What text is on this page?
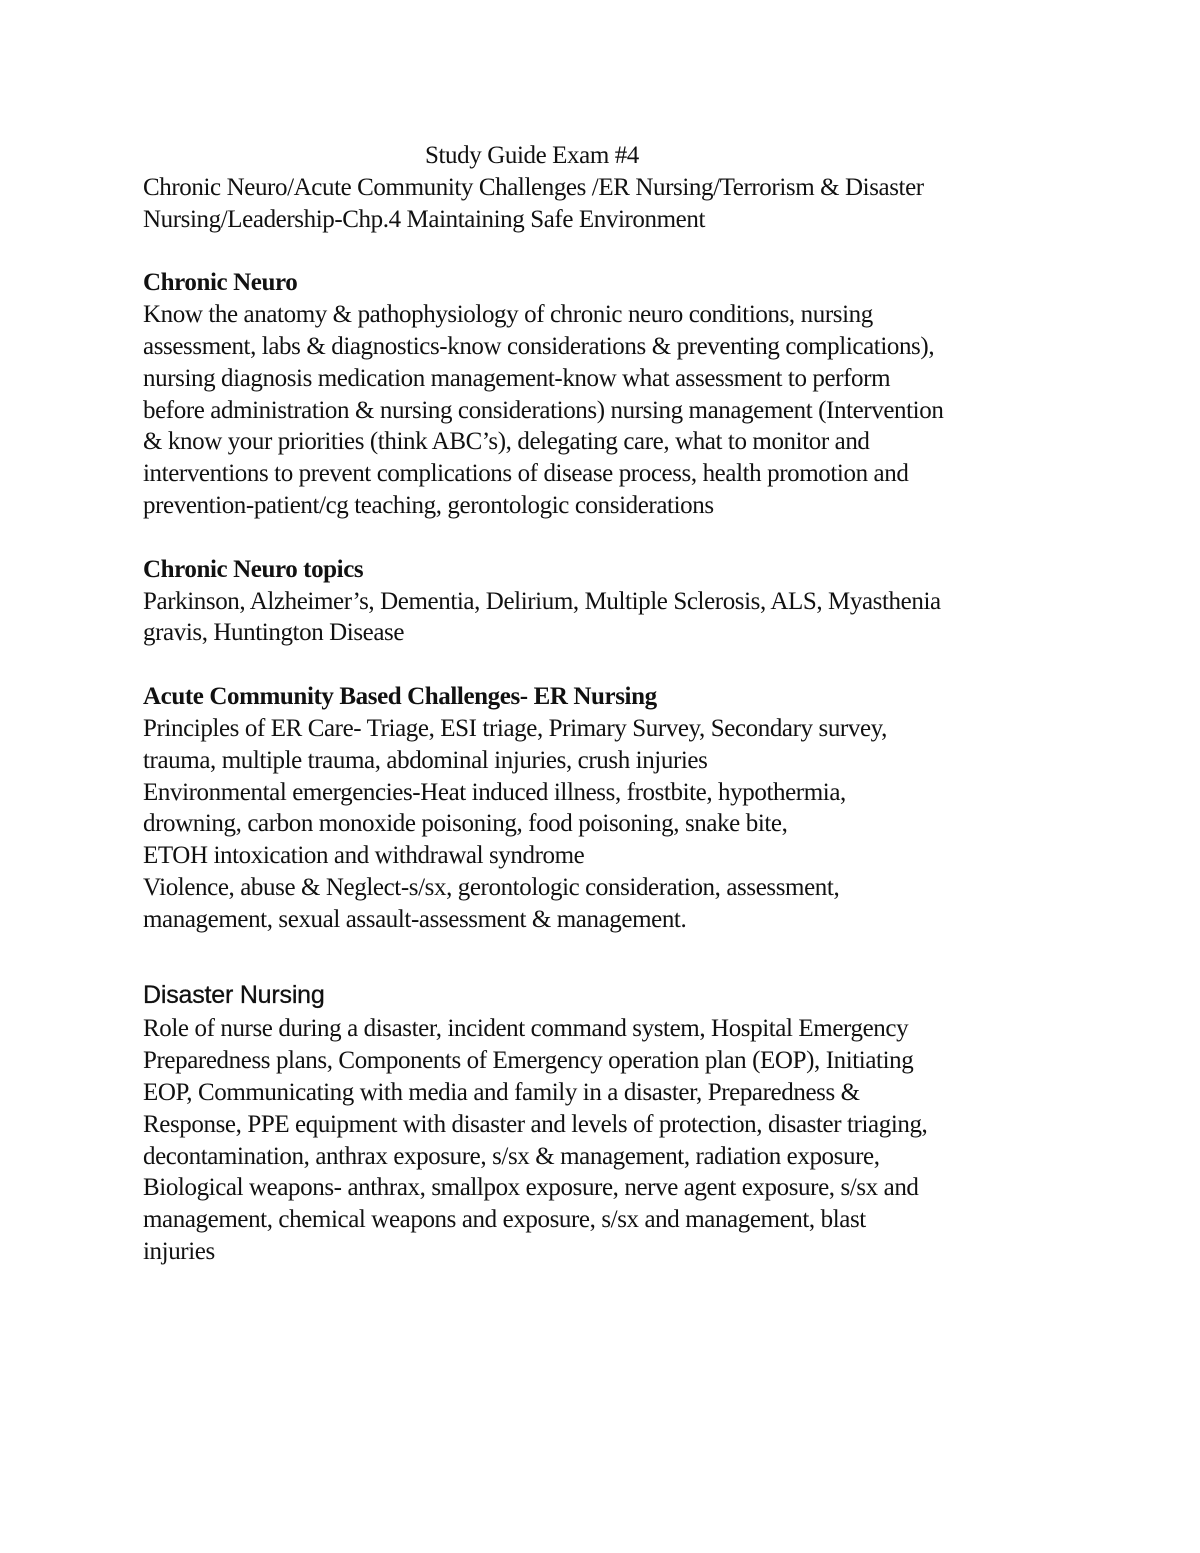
Study Guide Exam #4
Chronic Neuro/Acute Community Challenges /ER Nursing/Terrorism & Disaster
Nursing/Leadership-Chp.4 Maintaining Safe Environment
Chronic Neuro
Know the anatomy & pathophysiology of chronic neuro conditions, nursing
assessment, labs & diagnostics-know considerations & preventing complications),
nursing diagnosis medication management-know what assessment to perform
before administration & nursing considerations) nursing management (Intervention
& know your priorities (think ABC’s), delegating care, what to monitor and
interventions to prevent complications of disease process, health promotion and
prevention-patient/cg teaching, gerontologic considerations
Chronic Neuro topics
Parkinson, Alzheimer’s, Dementia, Delirium, Multiple Sclerosis, ALS, Myasthenia
gravis, Huntington Disease
Acute Community Based Challenges- ER Nursing
Principles of ER Care- Triage, ESI triage, Primary Survey, Secondary survey,
trauma, multiple trauma, abdominal injuries, crush injuries
Environmental emergencies-Heat induced illness, frostbite, hypothermia,
drowning, carbon monoxide poisoning, food poisoning, snake bite,
ETOH intoxication and withdrawal syndrome
Violence, abuse & Neglect-s/sx, gerontologic consideration, assessment,
management, sexual assault-assessment & management.
Disaster Nursing
Role of nurse during a disaster, incident command system, Hospital Emergency
Preparedness plans, Components of Emergency operation plan (EOP), Initiating
EOP, Communicating with media and family in a disaster, Preparedness &
Response, PPE equipment with disaster and levels of protection, disaster triaging,
decontamination, anthrax exposure, s/sx & management, radiation exposure,
Biological weapons- anthrax, smallpox exposure, nerve agent exposure, s/sx and
management, chemical weapons and exposure, s/sx and management, blast
injuries
